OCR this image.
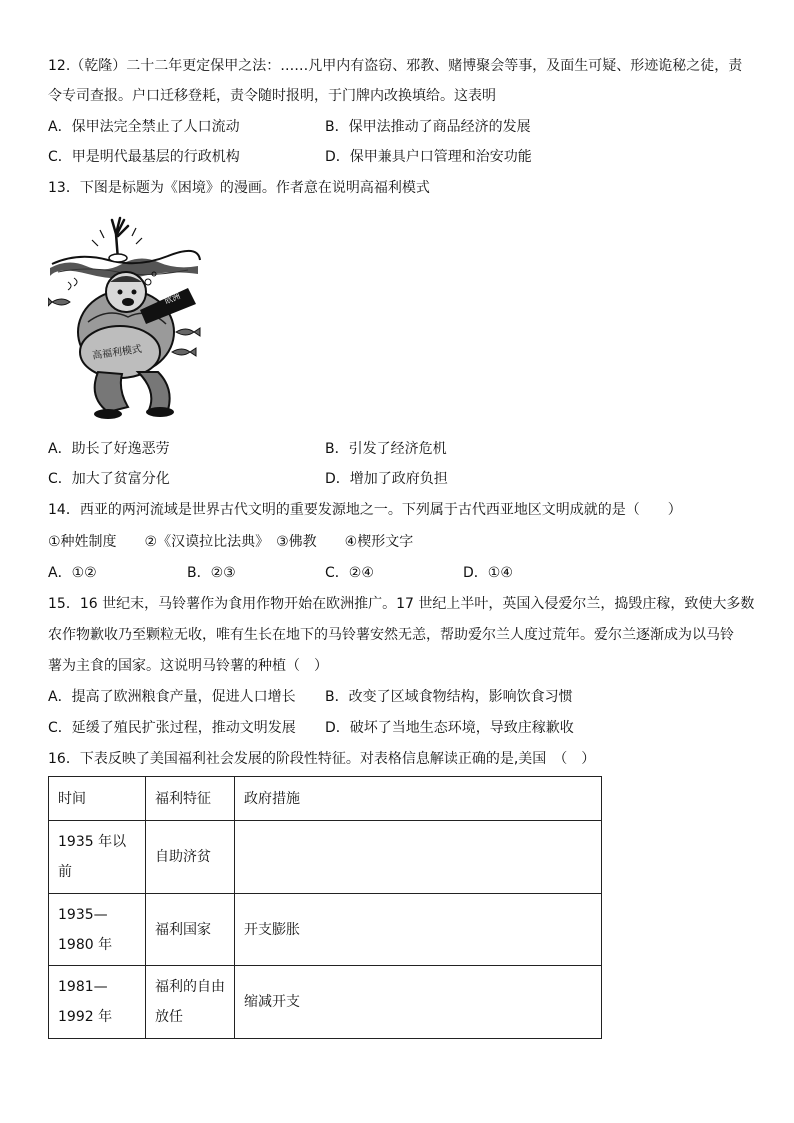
12.（乾隆）二十二年更定保甲之法：……凡甲内有盗窃、邪教、赌博聚会等事，及面生可疑、形迹诡秘之徒，责
令专司查报。户口迁移登耗，责令随时报明，于门牌内改换填给。这表明
A．保甲法完全禁止了人口流动	B．保甲法推动了商品经济的发展
C．甲是明代最基层的行政机构	D．保甲兼具户口管理和治安功能
13．下图是标题为《困境》的漫画。作者意在说明高福利模式
欧洲
高福利模式
A．助长了好逸恶劳	B．引发了经济危机
C．加大了贫富分化	D．增加了政府负担
14．西亚的两河流域是世界古代文明的重要发源地之一。下列属于古代西亚地区文明成就的是（　　）
①种姓制度　　②《汉谟拉比法典》　③佛教　　④楔形文字
A．①②	B．②③	C．②④	D．①④
15．16 世纪末，马铃薯作为食用作物开始在欧洲推广。17 世纪上半叶，英国入侵爱尔兰，捣毁庄稼，致使大多数
农作物歉收乃至颗粒无收，唯有生长在地下的马铃薯安然无恙，帮助爱尔兰人度过荒年。爱尔兰逐渐成为以马铃
薯为主食的国家。这说明马铃薯的种植（　）
A．提高了欧洲粮食产量，促进人口增长 B．改变了区域食物结构，影响饮食习惯
C．延缓了殖民扩张过程，推动文明发展 D．破坏了当地生态环境，导致庄稼歉收
16．下表反映了美国福利社会发展的阶段性特征。对表格信息解读正确的是,美国　（　）
时间	福利特征	政府措施
1935 年以前	自助济贫	
1935—1980 年	福利国家	开支膨胀
1981—1992 年	福利的自由放任	缩减开支
